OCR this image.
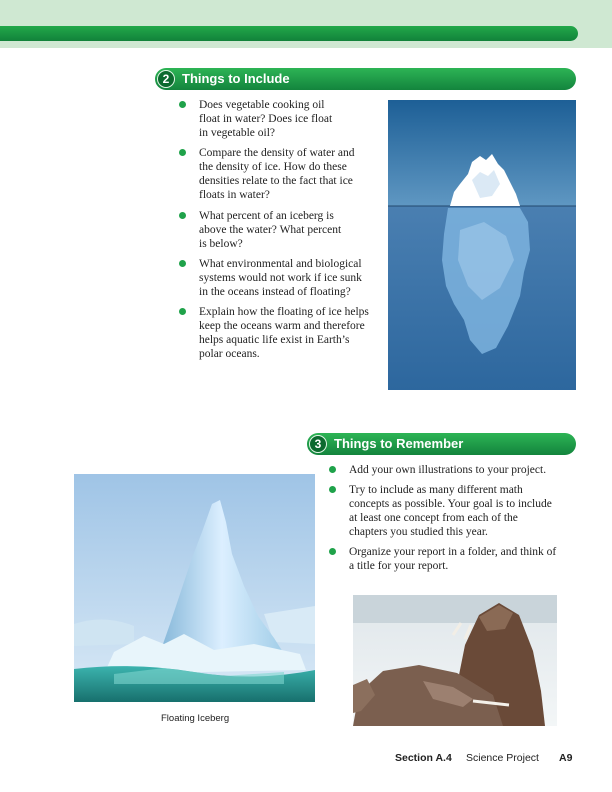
2 Things to Include
Does vegetable cooking oil
float in water? Does ice float
in vegetable oil?
Compare the density of water and
the density of ice. How do these
densities relate to the fact that ice
floats in water?
What percent of an iceberg is
above the water? What percent
is below?
What environmental and biological
systems would not work if ice sunk
in the oceans instead of floating?
Explain how the floating of ice helps
keep the oceans warm and therefore
helps aquatic life exist in Earth’s
polar oceans.
3 Things to Remember
Add your own illustrations to your project.
Try to include as many different math
concepts as possible. Your goal is to include
at least one concept from each of the
chapters you studied this year.
Organize your report in a folder, and think of
a title for your report.
Floating Iceberg
Section A.4 Science Project A9
